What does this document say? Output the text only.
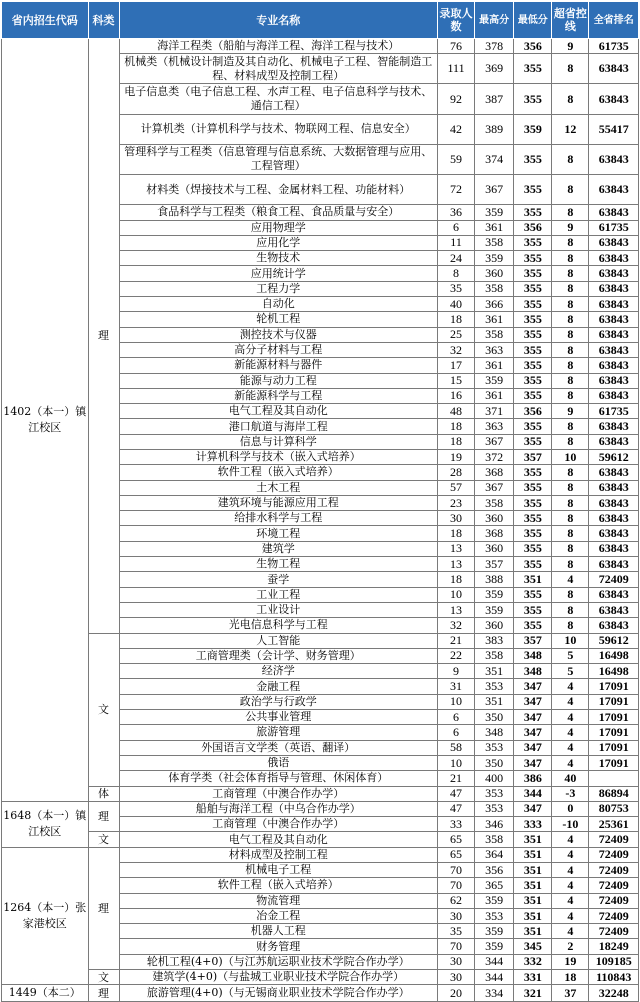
省内招生代码	科类	专业名称	录取人数	最高分	最低分	超省控线	全省排名
1402（本一）镇江校区	理	海洋工程类（船舶与海洋工程、海洋工程与技术）	76	378	356	9	61735
		机械类（机械设计制造及其自动化、机械电子工程、智能制造工程、材料成型及控制工程）	111	369	355	8	63843
		电子信息类（电子信息工程、水声工程、电子信息科学与技术、通信工程）	92	387	355	8	63843
		计算机类（计算机科学与技术、物联网工程、信息安全）	42	389	359	12	55417
		管理科学与工程类（信息管理与信息系统、大数据管理与应用、工程管理）	59	374	355	8	63843
		材料类（焊接技术与工程、金属材料工程、功能材料）	72	367	355	8	63843
		食品科学与工程类（粮食工程、食品质量与安全）	36	359	355	8	63843
		应用物理学	6	361	356	9	61735
		应用化学	11	358	355	8	63843
		生物技术	24	359	355	8	63843
		应用统计学	8	360	355	8	63843
		工程力学	35	358	355	8	63843
		自动化	40	366	355	8	63843
		轮机工程	18	361	355	8	63843
		测控技术与仪器	25	358	355	8	63843
		高分子材料与工程	32	363	355	8	63843
		新能源材料与器件	17	361	355	8	63843
		能源与动力工程	15	359	355	8	63843
		新能源科学与工程	16	361	355	8	63843
		电气工程及其自动化	48	371	356	9	61735
		港口航道与海岸工程	18	363	355	8	63843
		信息与计算科学	18	367	355	8	63843
		计算机科学与技术（嵌入式培养）	19	372	357	10	59612
		软件工程（嵌入式培养）	28	368	355	8	63843
		土木工程	57	367	355	8	63843
		建筑环境与能源应用工程	23	358	355	8	63843
		给排水科学与工程	30	360	355	8	63843
		环境工程	18	368	355	8	63843
		建筑学	13	360	355	8	63843
		生物工程	13	357	355	8	63843
		蚕学	18	388	351	4	72409
		工业工程	10	359	355	8	63843
		工业设计	13	359	355	8	63843
		光电信息科学与工程	32	360	355	8	63843
	文	人工智能	21	383	357	10	59612
		工商管理类（会计学、财务管理）	22	358	348	5	16498
		经济学	9	351	348	5	16498
		金融工程	31	353	347	4	17091
		政治学与行政学	10	351	347	4	17091
		公共事业管理	6	350	347	4	17091
		旅游管理	6	348	347	4	17091
		外国语言文学类（英语、翻译）	58	353	347	4	17091
		俄语	10	350	347	4	17091
		体育学类（社会体育指导与管理、休闲体育）	21	400	386	40	
	体	工商管理（中澳合作办学）	47	353	344	-3	86894
1648（本一）镇江校区	理	船舶与海洋工程（中乌合作办学）	47	353	347	0	80753
		工商管理（中澳合作办学）	33	346	333	-10	25361
	文	电气工程及其自动化	65	358	351	4	72409
1264（本一）张家港校区	理	材料成型及控制工程	65	364	351	4	72409
		机械电子工程	70	356	351	4	72409
		软件工程（嵌入式培养）	70	365	351	4	72409
		物流管理	62	359	351	4	72409
		冶金工程	30	353	351	4	72409
		机器人工程	35	359	351	4	72409
		财务管理	70	359	345	2	18249
		轮机工程(4+0)（与江苏航运职业技术学院合作办学）	30	344	332	19	109185
	文	建筑学(4+0)（与盐城工业职业技术学院合作办学）	30	344	331	18	110843
1449（本二）	理	旅游管理(4+0)（与无锡商业职业技术学院合作办学）	20	334	321	37	32248
